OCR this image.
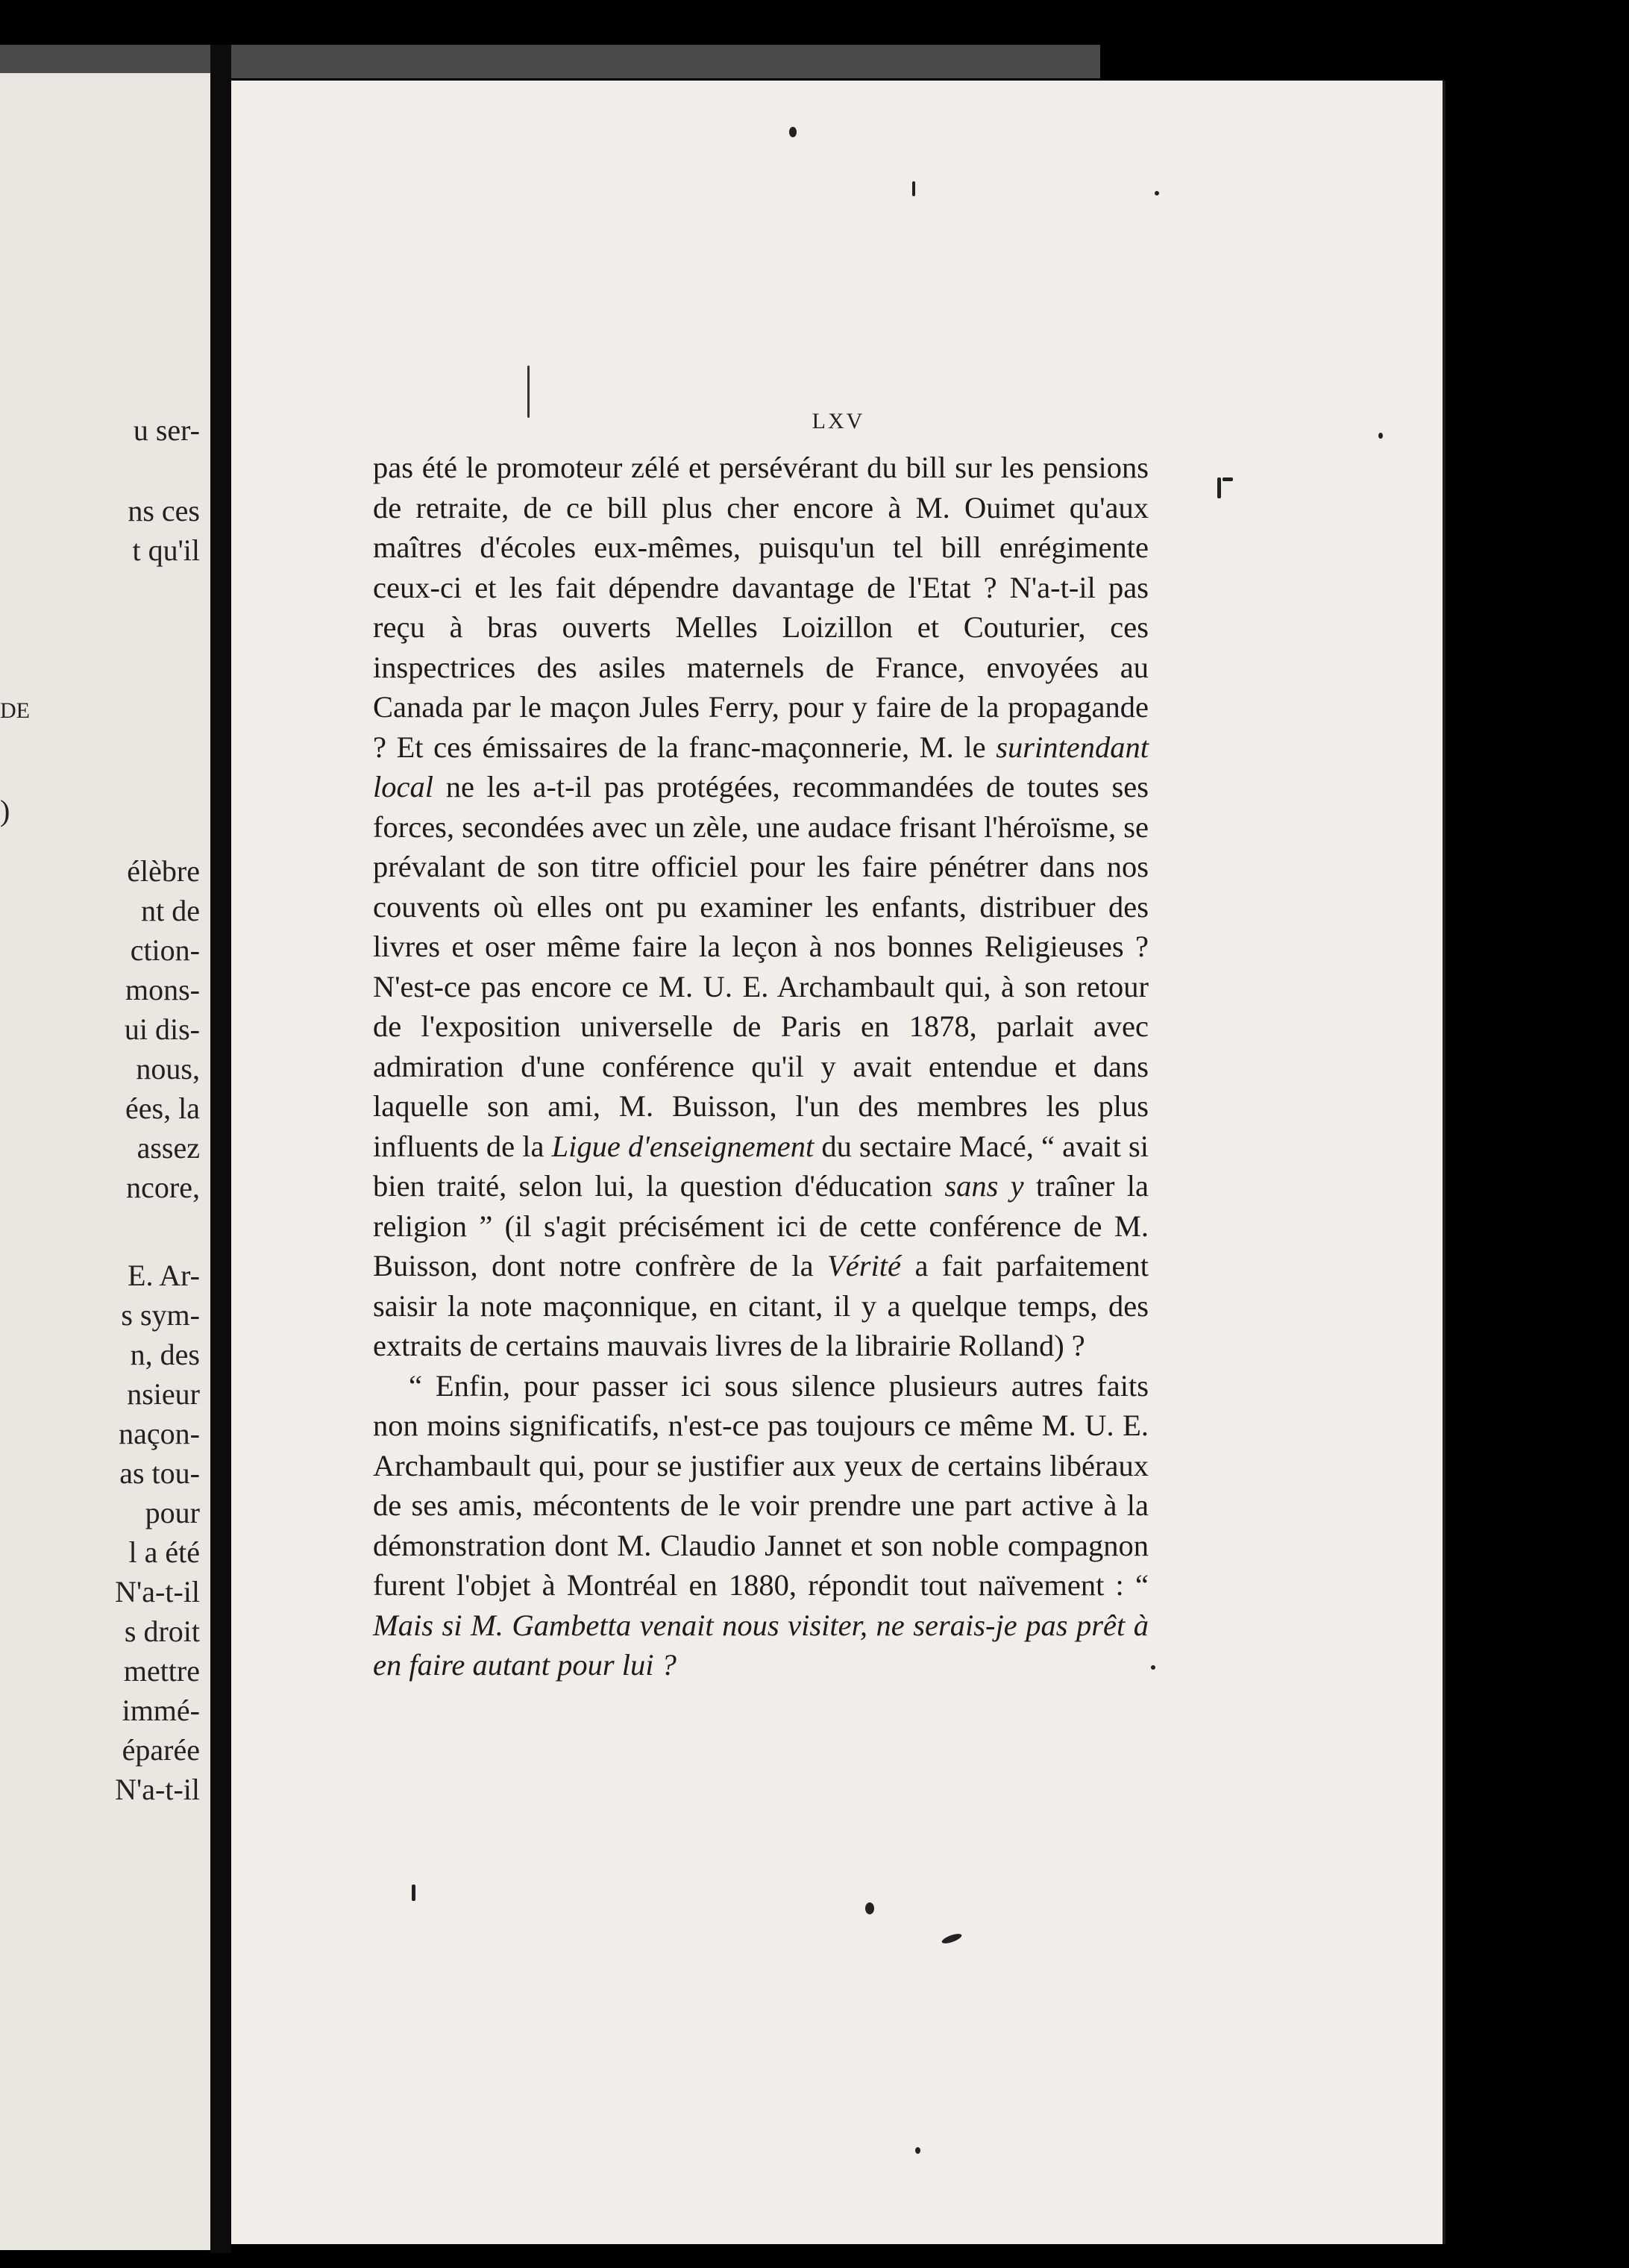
u ser-
ns ces
t qu'il
DE
)
élèbre
nt de
ction-
mons-
ui dis-
nous,
ées, la
assez
ncore,
E. Ar-
s sym-
n, des
nsieur
naçon-
as tou-
pour
l a été
N'a-t-il
s droit
mettre
immé-
éparée
N'a-t-il
LXV

pas été le promoteur zélé et persévérant du bill sur les pensions de retraite, de ce bill plus cher encore à M. Ouimet qu'aux maîtres d'écoles eux-mêmes, puisqu'un tel bill enrégimente ceux-ci et les fait dépendre davantage de l'Etat ? N'a-t-il pas reçu à bras ouverts Melles Loizillon et Couturier, ces inspectrices des asiles maternels de France, envoyées au Canada par le maçon Jules Ferry, pour y faire de la propagande ? Et ces émissaires de la franc-maçonnerie, M. le surintendant local ne les a-t-il pas protégées, recommandées de toutes ses forces, secondées avec un zèle, une audace frisant l'héroïsme, se prévalant de son titre officiel pour les faire pénétrer dans nos couvents où elles ont pu examiner les enfants, distribuer des livres et oser même faire la leçon à nos bonnes Religieuses ? N'est-ce pas encore ce M. U. E. Archambault qui, à son retour de l'exposition universelle de Paris en 1878, parlait avec admiration d'une conférence qu'il y avait entendue et dans laquelle son ami, M. Buisson, l'un des membres les plus influents de la Ligue d'enseignement du sectaire Macé, “ avait si bien traité, selon lui, la question d'éducation sans y traîner la religion ” (il s'agit précisément ici de cette conférence de M. Buisson, dont notre confrère de la Vérité a fait parfaitement saisir la note maçonnique, en citant, il y a quelque temps, des extraits de certains mauvais livres de la librairie Rolland) ?

“ Enfin, pour passer ici sous silence plusieurs autres faits non moins significatifs, n'est-ce pas toujours ce même M. U. E. Archambault qui, pour se justifier aux yeux de certains libéraux de ses amis, mécontents de le voir prendre une part active à la démonstration dont M. Claudio Jannet et son noble compagnon furent l'objet à Montréal en 1880, répondit tout naïvement : “ Mais si M. Gambetta venait nous visiter, ne serais-je pas prêt à en faire autant pour lui ?
